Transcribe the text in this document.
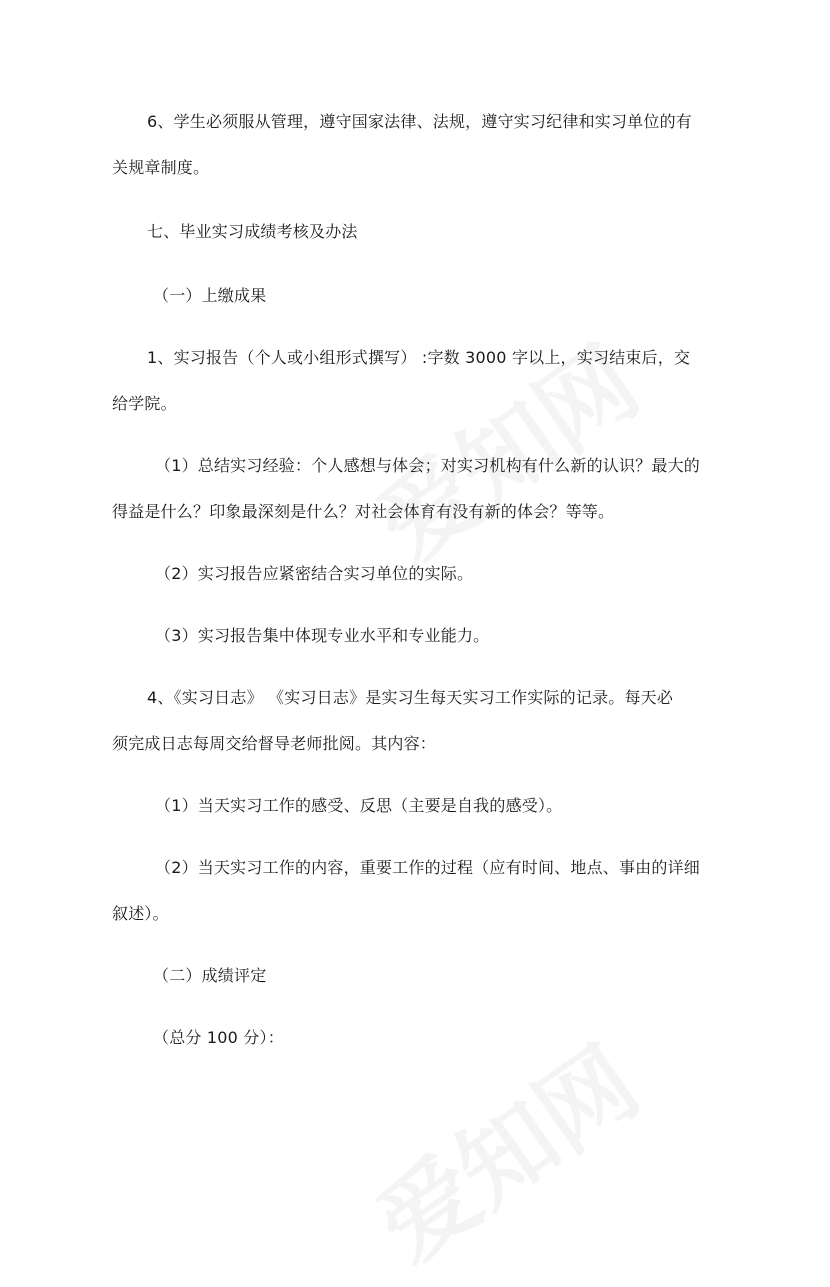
6、学生必须服从管理，遵守国家法律、法规，遵守实习纪律和实习单位的有
关规章制度。
七、毕业实习成绩考核及办法
（一）上缴成果
1、实习报告（个人或小组形式撰写） :字数 3000 字以上，实习结束后，交
给学院。
（1）总结实习经验：个人感想与体会；对实习机构有什么新的认识？最大的
得益是什么？印象最深刻是什么？对社会体育有没有新的体会？等等。
（2）实习报告应紧密结合实习单位的实际。
（3）实习报告集中体现专业水平和专业能力。
4、《实习日志》 《实习日志》是实习生每天实习工作实际的记录。每天必
须完成日志每周交给督导老师批阅。其内容：
（1）当天实习工作的感受、反思（主要是自我的感受）。
（2）当天实习工作的内容，重要工作的过程（应有时间、地点、事由的详细
叙述）。
（二）成绩评定
（总分 100 分）：
